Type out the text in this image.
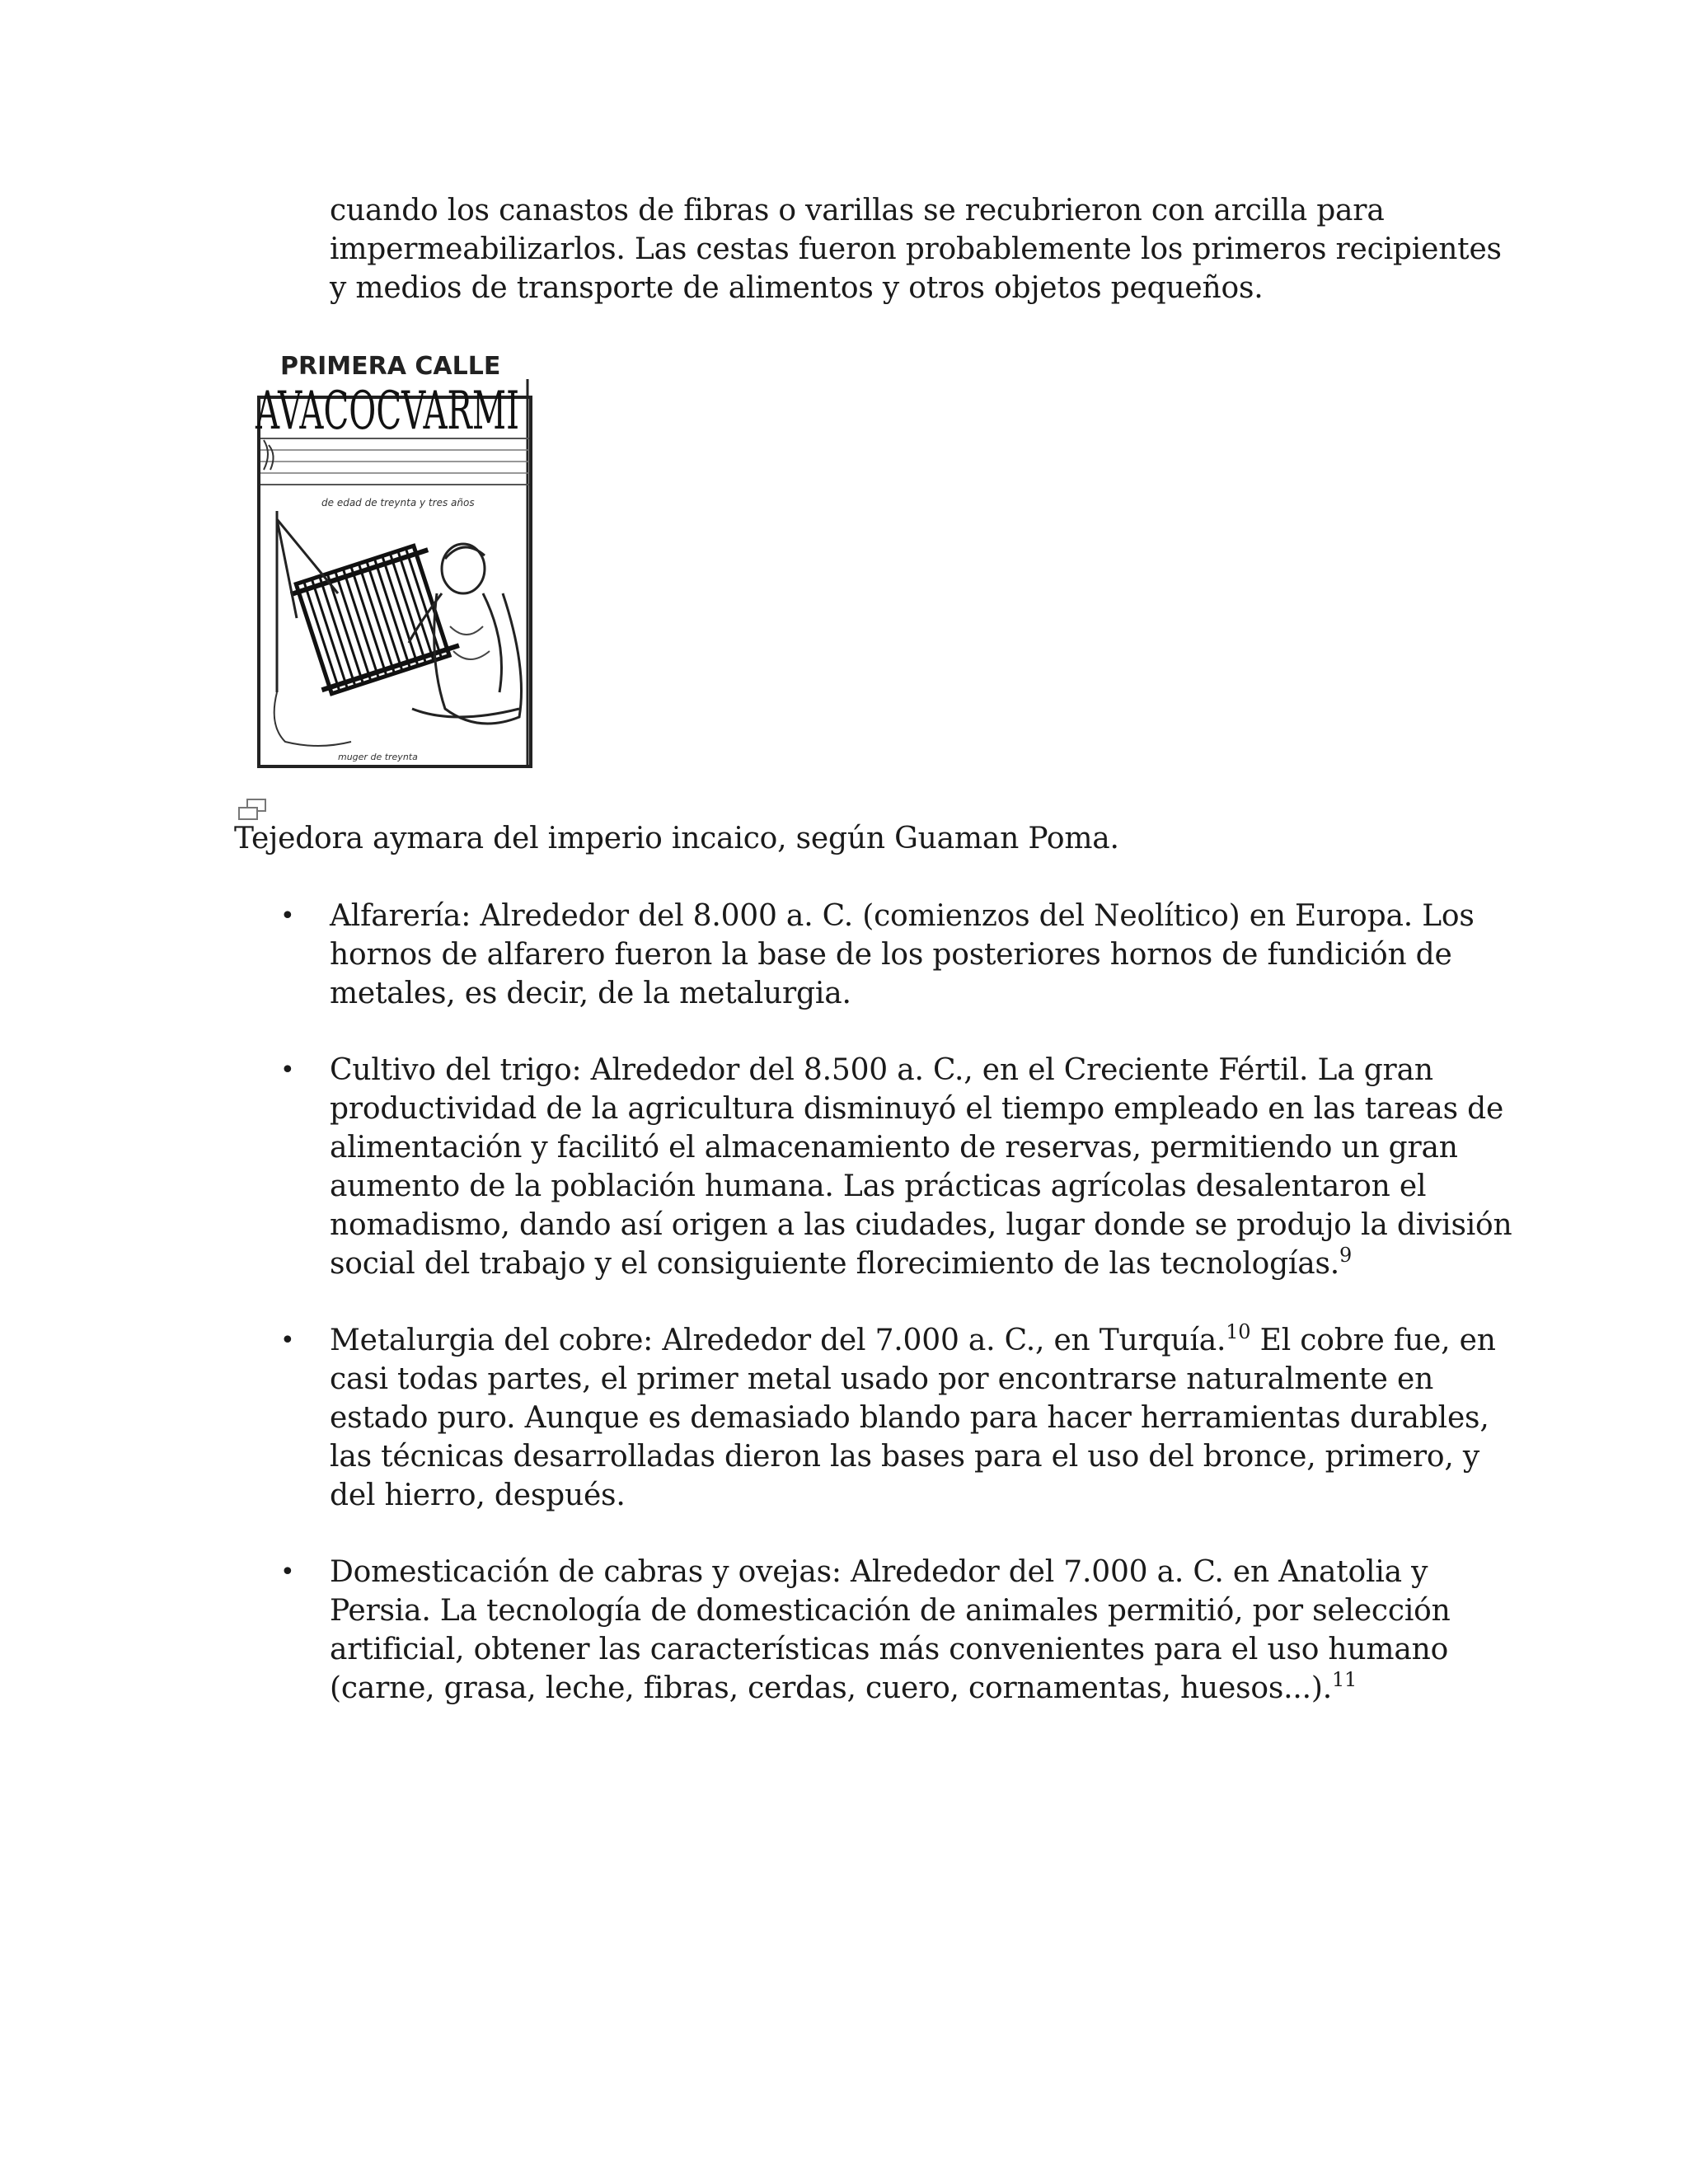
cuando los canastos de fibras o varillas se recubrieron con arcilla para
impermeabilizarlos. Las cestas fueron probablemente los primeros recipientes
y medios de transporte de alimentos y otros objetos pequeños.

PRIMERA CALLE
AVACOCVARMI
de edad de treynta y tres años
muger de treynta

Tejedora aymara del imperio incaico, según Guaman Poma.

•	Alfarería: Alrededor del 8.000 a. C. (comienzos del Neolítico) en Europa. Los
hornos de alfarero fueron la base de los posteriores hornos de fundición de
metales, es decir, de la metalurgia.
•	Cultivo del trigo: Alrededor del 8.500 a. C., en el Creciente Fértil. La gran
productividad de la agricultura disminuyó el tiempo empleado en las tareas de
alimentación y facilitó el almacenamiento de reservas, permitiendo un gran
aumento de la población humana. Las prácticas agrícolas desalentaron el
nomadismo, dando así origen a las ciudades, lugar donde se produjo la división
social del trabajo y el consiguiente florecimiento de las tecnologías.$^9$
•	Metalurgia del cobre: Alrededor del 7.000 a. C., en Turquía.$^{10}$ El cobre fue, en
casi todas partes, el primer metal usado por encontrarse naturalmente en
estado puro. Aunque es demasiado blando para hacer herramientas durables,
las técnicas desarrolladas dieron las bases para el uso del bronce, primero, y
del hierro, después.
•	Domesticación de cabras y ovejas: Alrededor del 7.000 a. C. en Anatolia y
Persia. La tecnología de domesticación de animales permitió, por selección
artificial, obtener las características más convenientes para el uso humano
(carne, grasa, leche, fibras, cerdas, cuero, cornamentas, huesos...).$^{11}$
